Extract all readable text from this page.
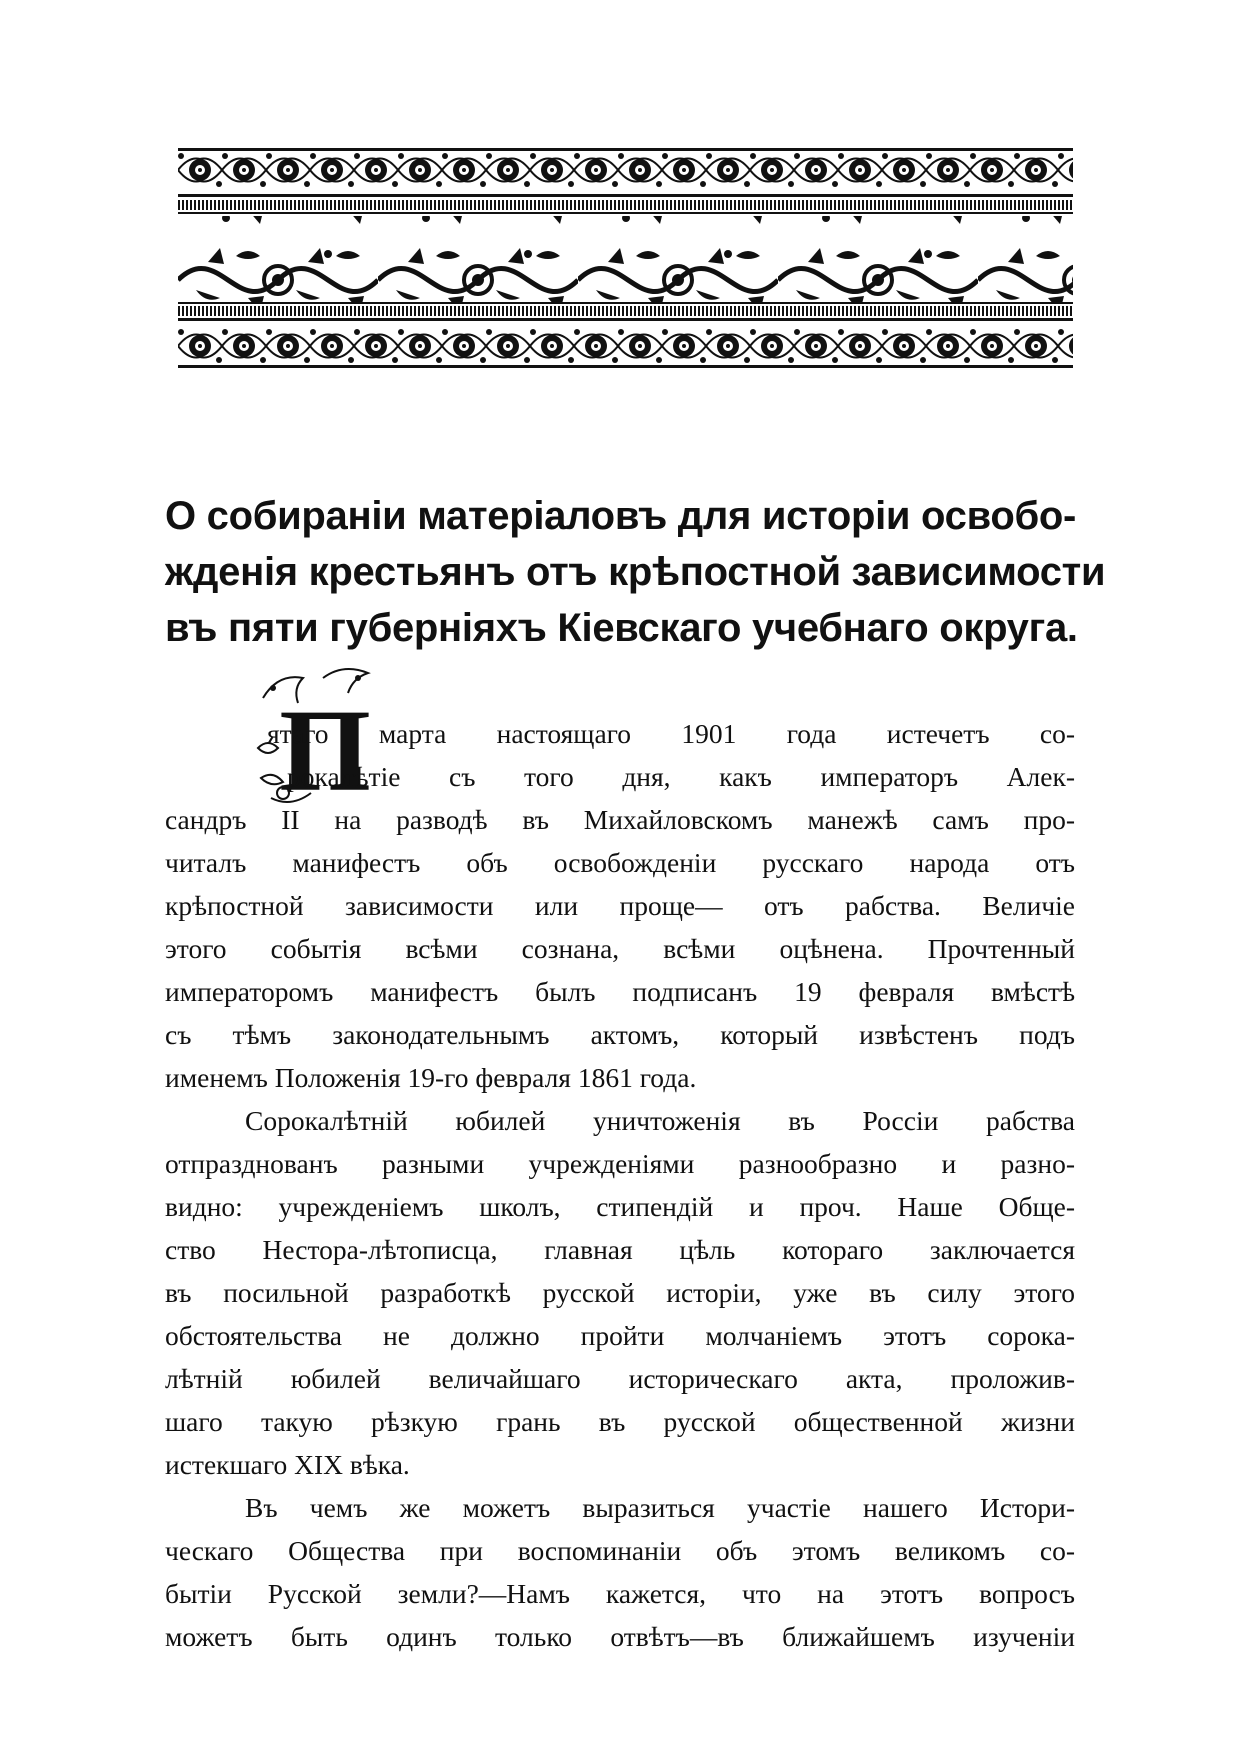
О собираніи матеріаловъ для исторіи освобо-
жденія крестьянъ отъ крѣпостной зависимости
въ пяти губерніяхъ Кіевскаго учебнаго округа.
П
ятаго марта настоящаго 1901 года истечетъ со-
рокалѣтіе съ того дня, какъ императоръ Алек-
сандръ II на разводѣ въ Михайловскомъ манежѣ самъ про-
читалъ манифестъ объ освобожденіи русскаго народа отъ
крѣпостной зависимости или проще— отъ рабства. Величіе
этого событія всѣми сознана, всѣми оцѣнена. Прочтенный
императоромъ манифестъ былъ подписанъ 19 февраля вмѣстѣ
съ тѣмъ законодательнымъ актомъ, который извѣстенъ подъ
именемъ Положенія 19-го февраля 1861 года.
Сорокалѣтній юбилей уничтоженія въ Россіи рабства
отпразднованъ разными учрежденіями разнообразно и разно-
видно: учрежденіемъ школъ, стипендій и проч. Наше Обще-
ство Нестора-лѣтописца, главная цѣль котораго заключается
въ посильной разработкѣ русской исторіи, уже въ силу этого
обстоятельства не должно пройти молчаніемъ этотъ сорока-
лѣтній юбилей величайшаго историческаго акта, проложив-
шаго такую рѣзкую грань въ русской общественной жизни
истекшаго XIX вѣка.
Въ чемъ же можетъ выразиться участіе нашего Истори-
ческаго Общества при воспоминаніи объ этомъ великомъ со-
бытіи Русской земли?—Намъ кажется, что на этотъ вопросъ
можетъ быть одинъ только отвѣтъ—въ ближайшемъ изученіи
